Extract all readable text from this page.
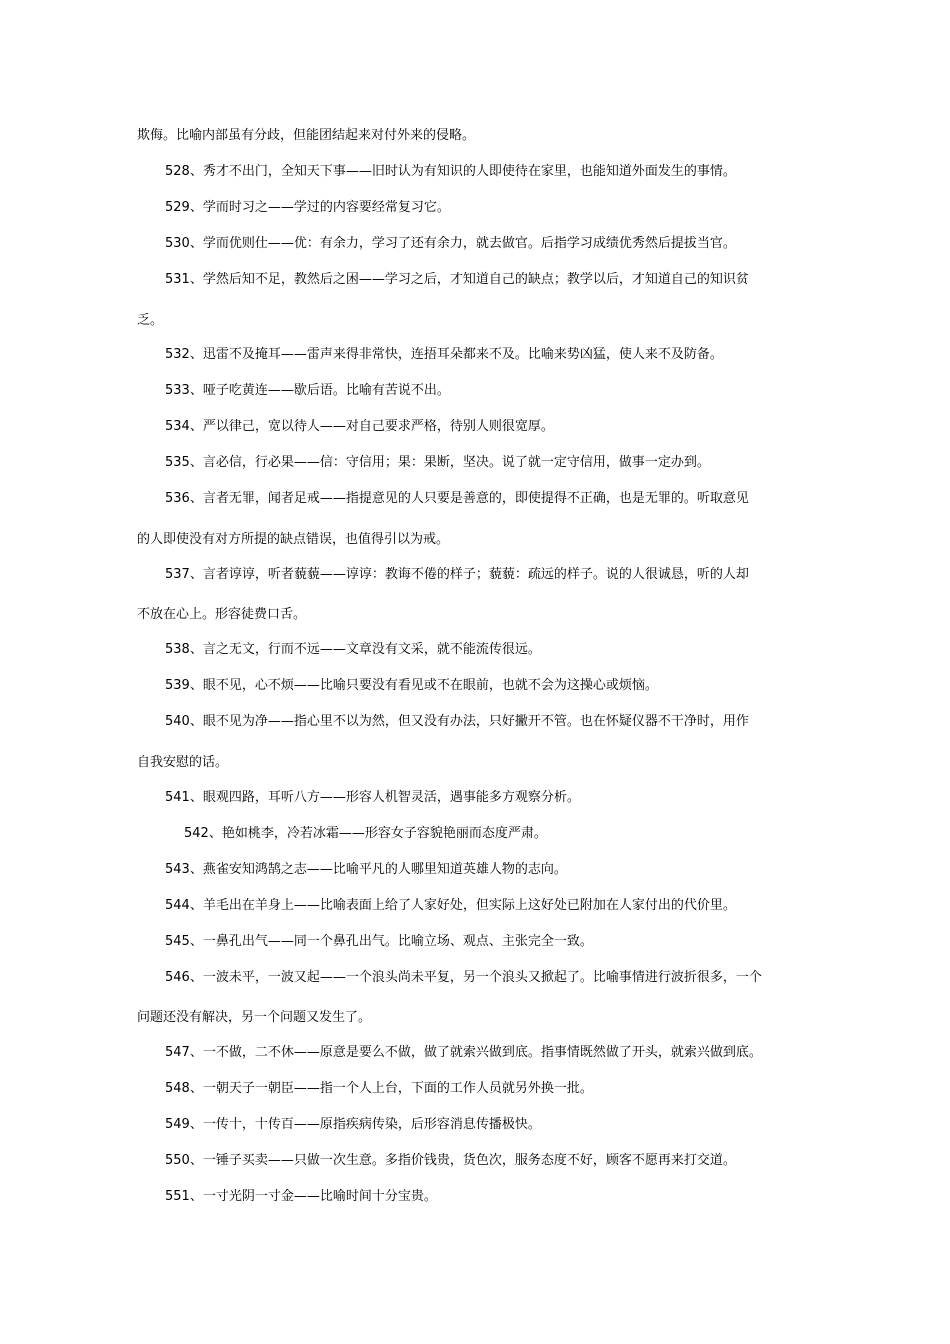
欺侮。比喻内部虽有分歧，但能团结起来对付外来的侵略。
528、秀才不出门，全知天下事——旧时认为有知识的人即使待在家里，也能知道外面发生的事情。
529、学而时习之——学过的内容要经常复习它。
530、学而优则仕——优：有余力，学习了还有余力，就去做官。后指学习成绩优秀然后提拔当官。
531、学然后知不足，教然后之困——学习之后，才知道自己的缺点；教学以后，才知道自己的知识贫
乏。
532、迅雷不及掩耳——雷声来得非常快，连捂耳朵都来不及。比喻来势凶猛，使人来不及防备。
533、哑子吃黄连——歇后语。比喻有苦说不出。
534、严以律己，宽以待人——对自己要求严格，待别人则很宽厚。
535、言必信，行必果——信：守信用；果：果断，坚决。说了就一定守信用，做事一定办到。
536、言者无罪，闻者足戒——指提意见的人只要是善意的，即使提得不正确，也是无罪的。听取意见
的人即使没有对方所提的缺点错误，也值得引以为戒。
537、言者谆谆，听者藐藐——谆谆：教诲不倦的样子；藐藐：疏远的样子。说的人很诚恳，听的人却
不放在心上。形容徒费口舌。
538、言之无文，行而不远——文章没有文采，就不能流传很远。
539、眼不见，心不烦——比喻只要没有看见或不在眼前，也就不会为这操心或烦恼。
540、眼不见为净——指心里不以为然，但又没有办法，只好撇开不管。也在怀疑仪器不干净时，用作
自我安慰的话。
541、眼观四路，耳听八方——形容人机智灵活，遇事能多方观察分析。
542、艳如桃李，冷若冰霜——形容女子容貌艳丽而态度严肃。
543、燕雀安知鸿鹄之志——比喻平凡的人哪里知道英雄人物的志向。
544、羊毛出在羊身上——比喻表面上给了人家好处，但实际上这好处已附加在人家付出的代价里。
545、一鼻孔出气——同一个鼻孔出气。比喻立场、观点、主张完全一致。
546、一波未平，一波又起——一个浪头尚未平复，另一个浪头又掀起了。比喻事情进行波折很多，一个
问题还没有解决，另一个问题又发生了。
547、一不做，二不休——原意是要么不做，做了就索兴做到底。指事情既然做了开头，就索兴做到底。
548、一朝天子一朝臣——指一个人上台，下面的工作人员就另外换一批。
549、一传十，十传百——原指疾病传染，后形容消息传播极快。
550、一锤子买卖——只做一次生意。多指价钱贵，货色次，服务态度不好，顾客不愿再来打交道。
551、一寸光阴一寸金——比喻时间十分宝贵。
